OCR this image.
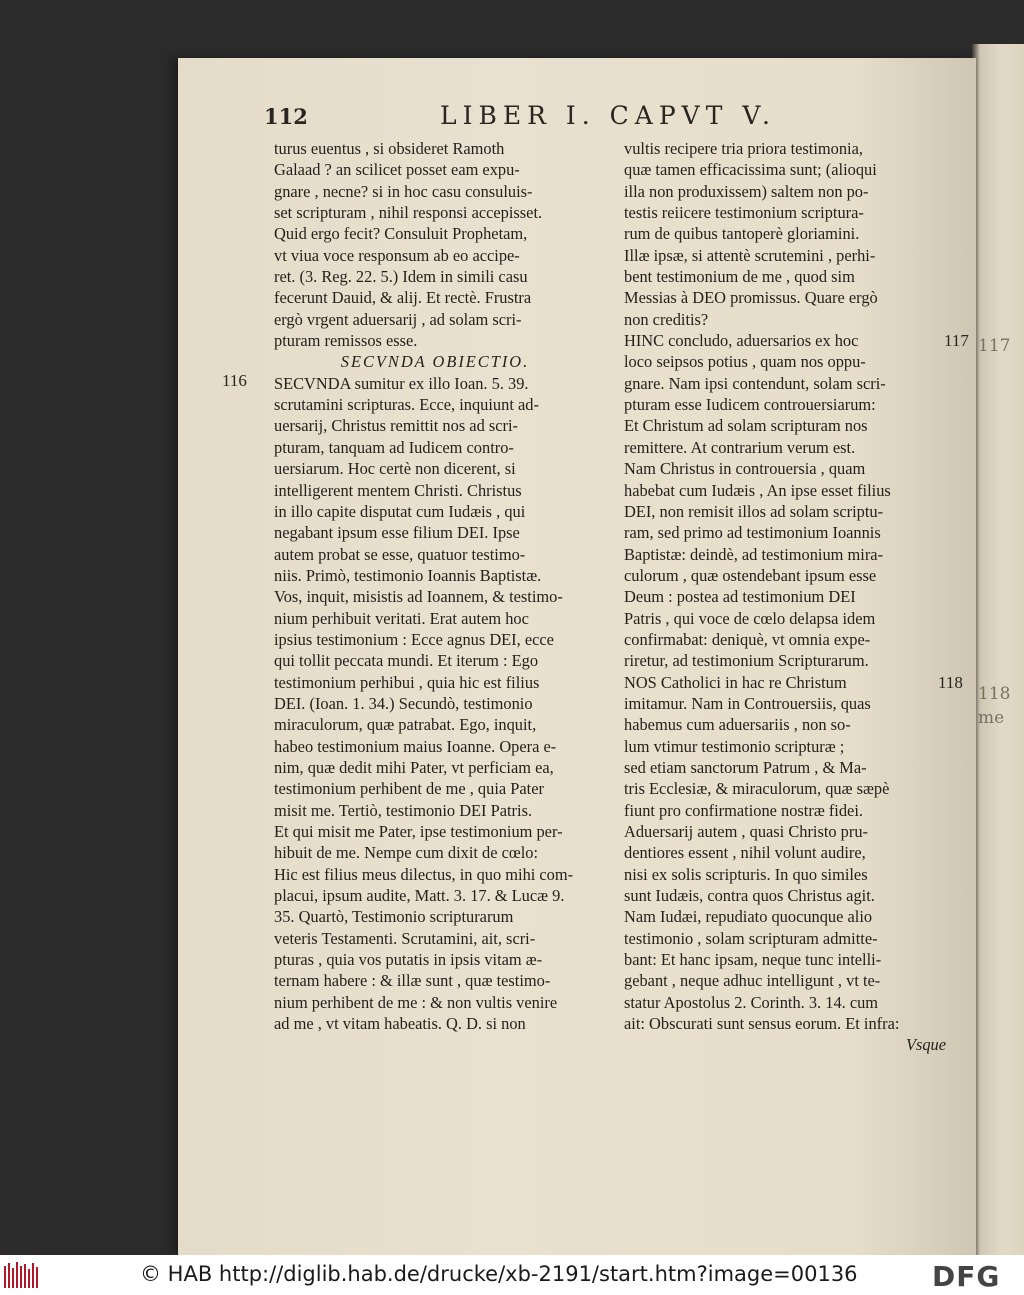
117
118
me
112	LIBER I. CAPVT V.
turus euentus , si obsideret Ramoth
Galaad ? an scilicet posset eam expu-
gnare , necne? si in hoc casu consuluis-
set scripturam , nihil responsi accepisset.
Quid ergo fecit? Consuluit Prophetam,
vt viua voce responsum ab eo accipe-
ret. (3. Reg. 22. 5.) Idem in simili casu
fecerunt Dauid, & alij. Et rectè. Frustra
ergò vrgent aduersarij , ad solam scri-
pturam remissos esse.
SECVNDA OBIECTIO.
SECVNDA sumitur ex illo Ioan. 5. 39.
scrutamini scripturas. Ecce, inquiunt ad-
uersarij, Christus remittit nos ad scri-
pturam, tanquam ad Iudicem contro-
uersiarum. Hoc certè non dicerent, si
intelligerent mentem Christi. Christus
in illo capite disputat cum Iudæis , qui
negabant ipsum esse filium DEI. Ipse
autem probat se esse, quatuor testimo-
niis. Primò, testimonio Ioannis Baptistæ.
Vos, inquit, misistis ad Ioannem, & testimo-
nium perhibuit veritati. Erat autem hoc
ipsius testimonium : Ecce agnus DEI, ecce
qui tollit peccata mundi. Et iterum : Ego
testimonium perhibui , quia hic est filius
DEI. (Ioan. 1. 34.) Secundò, testimonio
miraculorum, quæ patrabat. Ego, inquit,
habeo testimonium maius Ioanne. Opera e-
nim, quæ dedit mihi Pater, vt perficiam ea,
testimonium perhibent de me , quia Pater
misit me. Tertiò, testimonio DEI Patris.
Et qui misit me Pater, ipse testimonium per-
hibuit de me. Nempe cum dixit de cœlo:
Hic est filius meus dilectus, in quo mihi com-
placui, ipsum audite, Matt. 3. 17. & Lucæ 9.
35. Quartò, Testimonio scripturarum
veteris Testamenti. Scrutamini, ait, scri-
pturas , quia vos putatis in ipsis vitam æ-
ternam habere : & illæ sunt , quæ testimo-
nium perhibent de me : & non vultis venire
ad me , vt vitam habeatis. Q. D. si non
vultis recipere tria priora testimonia,
quæ tamen efficacissima sunt; (alioqui
illa non produxissem) saltem non po-
testis reiicere testimonium scriptura-
rum de quibus tantoperè gloriamini.
Illæ ipsæ, si attentè scrutemini , perhi-
bent testimonium de me , quod sim
Messias à DEO promissus. Quare ergò
non creditis?
HINC concludo, aduersarios ex hoc
loco seipsos potius , quam nos oppu-
gnare. Nam ipsi contendunt, solam scri-
pturam esse Iudicem controuersiarum:
Et Christum ad solam scripturam nos
remittere. At contrarium verum est.
Nam Christus in controuersia , quam
habebat cum Iudæis , An ipse esset filius
DEI, non remisit illos ad solam scriptu-
ram, sed primo ad testimonium Ioannis
Baptistæ: deindè, ad testimonium mira-
culorum , quæ ostendebant ipsum esse
Deum : postea ad testimonium DEI
Patris , qui voce de cœlo delapsa idem
confirmabat: deniquè, vt omnia expe-
riretur, ad testimonium Scripturarum.
NOS Catholici in hac re Christum
imitamur. Nam in Controuersiis, quas
habemus cum aduersariis , non so-
lum vtimur testimonio scripturæ ;
sed etiam sanctorum Patrum , & Ma-
tris Ecclesiæ, & miraculorum, quæ sæpè
fiunt pro confirmatione nostræ fidei.
Aduersarij autem , quasi Christo pru-
dentiores essent , nihil volunt audire,
nisi ex solis scripturis. In quo similes
sunt Iudæis, contra quos Christus agit.
Nam Iudæi, repudiato quocunque alio
testimonio , solam scripturam admitte-
bant: Et hanc ipsam, neque tunc intelli-
gebant , neque adhuc intelligunt , vt te-
statur Apostolus 2. Corinth. 3. 14. cum
ait: Obscurati sunt sensus eorum. Et infra:
Vsque
116
117
118
© HAB http://diglib.hab.de/drucke/xb-2191/start.htm?image=00136	DFG
